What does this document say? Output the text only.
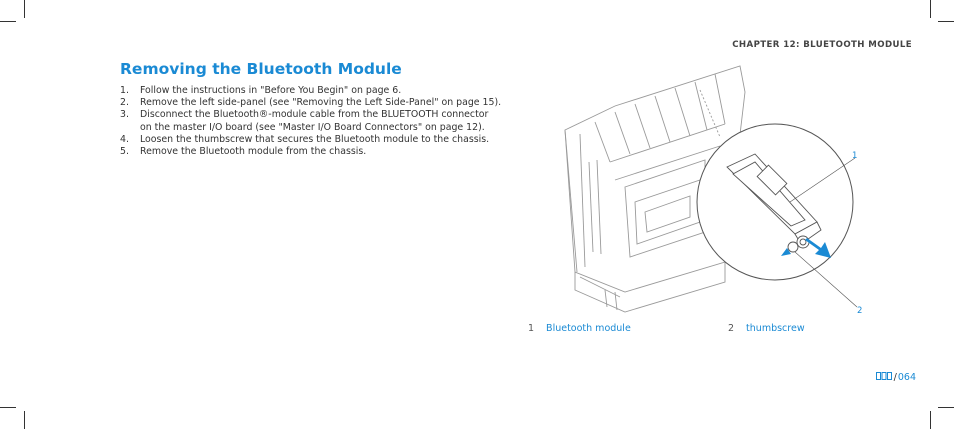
CHAPTER 12: BLUETOOTH MODULE
Removing the Bluetooth Module
1. Follow the instructions in "Before You Begin" on page 6.
2. Remove the left side-panel (see "Removing the Left Side-Panel" on page 15).
3. Disconnect the Bluetooth®-module cable from the BLUETOOTH connector on the master I/O board (see "Master I/O Board Connectors" on page 12).
4. Loosen the thumbscrew that secures the Bluetooth module to the chassis.
5. Remove the Bluetooth module from the chassis.	1
2
1 Bluetooth module	2 thumbscrew
/ 064
